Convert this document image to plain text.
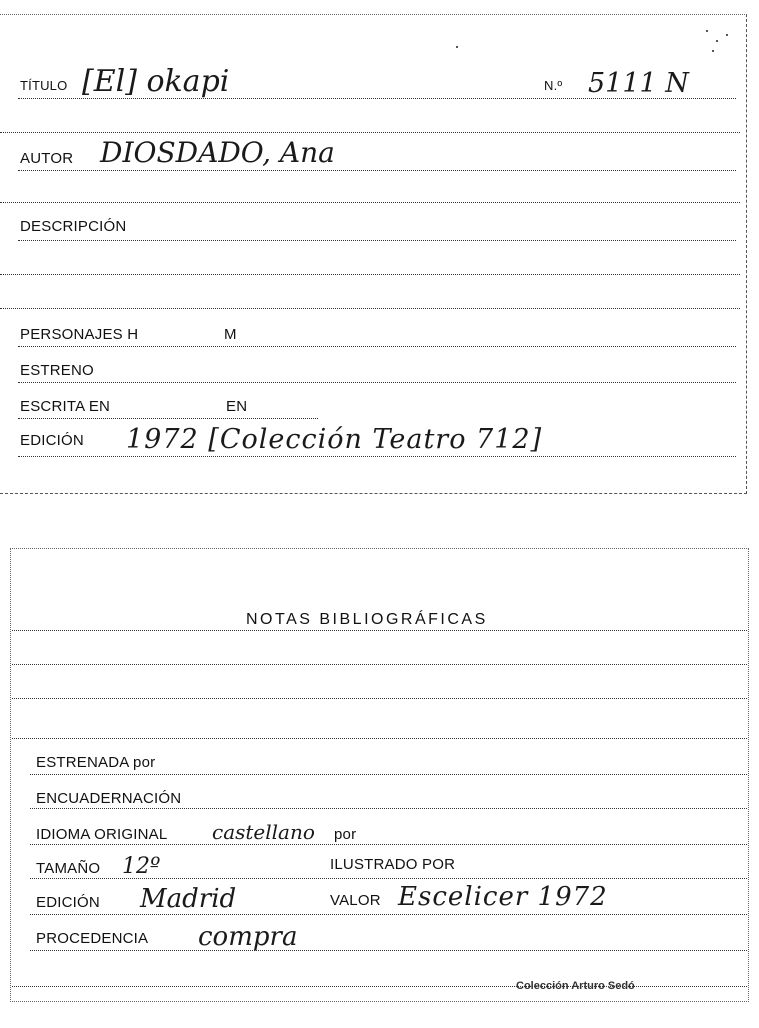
TÍTULO [El] okapi	N.º 5111 N
AUTOR DIOSDADO, Ana
DESCRIPCIÓN
PERSONAJES H	M
ESTRENO
ESCRITA EN	EN
EDICIÓN 1972 [Colección Teatro 712]
NOTAS BIBLIOGRÁFICAS
ESTRENADA por
ENCUADERNACIÓN
IDIOMA ORIGINAL castellano por
TAMAÑO 12º	ILUSTRADO POR
EDICIÓN Madrid	VALOR Escelicer 1972
PROCEDENCIA compra
Colección Arturo Sedó
